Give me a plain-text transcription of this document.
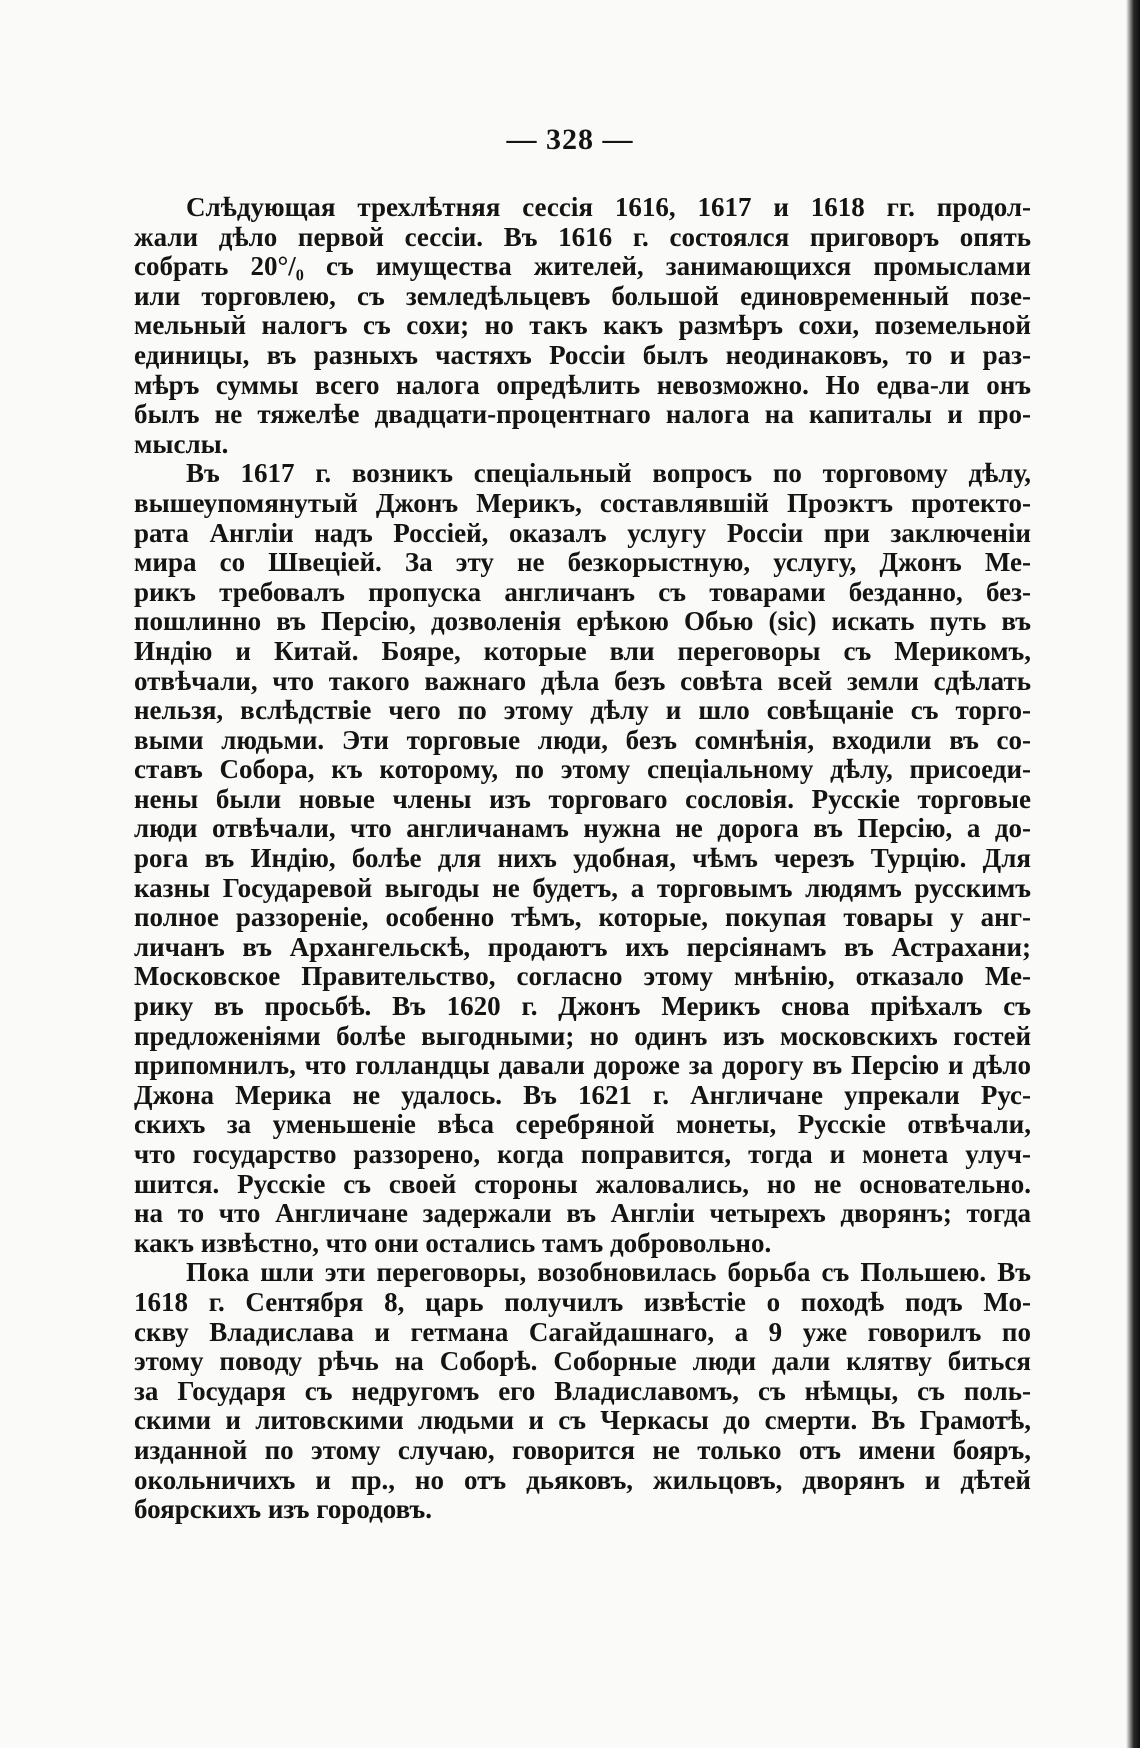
— 328 —

Слѣдующая трехлѣтняя сессія 1616, 1617 и 1618 гг. продол-
жали дѣло первой сессіи. Въ 1616 г. состоялся приговоръ опять
собрать 20°/₀ съ имущества жителей, занимающихся промыслами
или торговлею, съ земледѣльцевъ большой единовременный позе-
мельный налогъ съ сохи; но такъ какъ размѣръ сохи, поземельной
единицы, въ разныхъ частяхъ Россіи былъ неодинаковъ, то и раз-
мѣръ суммы всего налога опредѣлить невозможно. Но едва-ли онъ
былъ не тяжелѣе двадцати-процентнаго налога на капиталы и про-
мыслы.

Въ 1617 г. возникъ спеціальный вопросъ по торговому дѣлу,
вышеупомянутый Джонъ Мерикъ, составлявшій Проэктъ протекто-
рата Англіи надъ Россіей, оказалъ услугу Россіи при заключеніи
мира со Швеціей. За эту не безкорыстную, услугу, Джонъ Ме-
рикъ требовалъ пропуска англичанъ съ товарами безданно, без-
пошлинно въ Персію, дозволенія ерѣкою Обью (sic) искать путь въ
Индію и Китай. Бояре, которые вли переговоры съ Мерикомъ,
отвѣчали, что такого важнаго дѣла безъ совѣта всей земли сдѣлать
нельзя, вслѣдствіе чего по этому дѣлу и шло совѣщаніе съ торго-
выми людьми. Эти торговые люди, безъ сомнѣнія, входили въ со-
ставъ Собора, къ которому, по этому спеціальному дѣлу, присоеди-
нены были новые члены изъ торговаго сословія. Русскіе торговые
люди отвѣчали, что англичанамъ нужна не дорога въ Персію, а до-
рога въ Индію, болѣе для нихъ удобная, чѣмъ черезъ Турцію. Для
казны Государевой выгоды не будетъ, а торговымъ людямъ русскимъ
полное раззореніе, особенно тѣмъ, которые, покупая товары у анг-
личанъ въ Архангельскѣ, продаютъ ихъ персіянамъ въ Астрахани;
Московское Правительство, согласно этому мнѣнію, отказало Ме-
рику въ просьбѣ. Въ 1620 г. Джонъ Мерикъ снова пріѣхалъ съ
предложеніями болѣе выгодными; но одинъ изъ московскихъ гостей
припомнилъ, что голландцы давали дороже за дорогу въ Персію и дѣло
Джона Мерика не удалось. Въ 1621 г. Англичане упрекали Рус-
скихъ за уменьшеніе вѣса серебряной монеты, Русскіе отвѣчали,
что государство раззорено, когда поправится, тогда и монета улуч-
шится. Русскіе съ своей стороны жаловались, но не основательно.
на то что Англичане задержали въ Англіи четырехъ дворянъ; тогда
какъ извѣстно, что они остались тамъ добровольно.

Пока шли эти переговоры, возобновилась борьба съ Польшею. Въ
1618 г. Сентября 8, царь получилъ извѣстіе о походѣ подъ Мо-
скву Владислава и гетмана Сагайдашнаго, а 9 уже говорилъ по
этому поводу рѣчь на Соборѣ. Соборные люди дали клятву биться
за Государя съ недругомъ его Владиславомъ, съ нѣмцы, съ поль-
скими и литовскими людьми и съ Черкасы до смерти. Въ Грамотѣ,
изданной по этому случаю, говорится не только отъ имени бояръ,
окольничихъ и пр., но отъ дьяковъ, жильцовъ, дворянъ и дѣтей
боярскихъ изъ городовъ.
